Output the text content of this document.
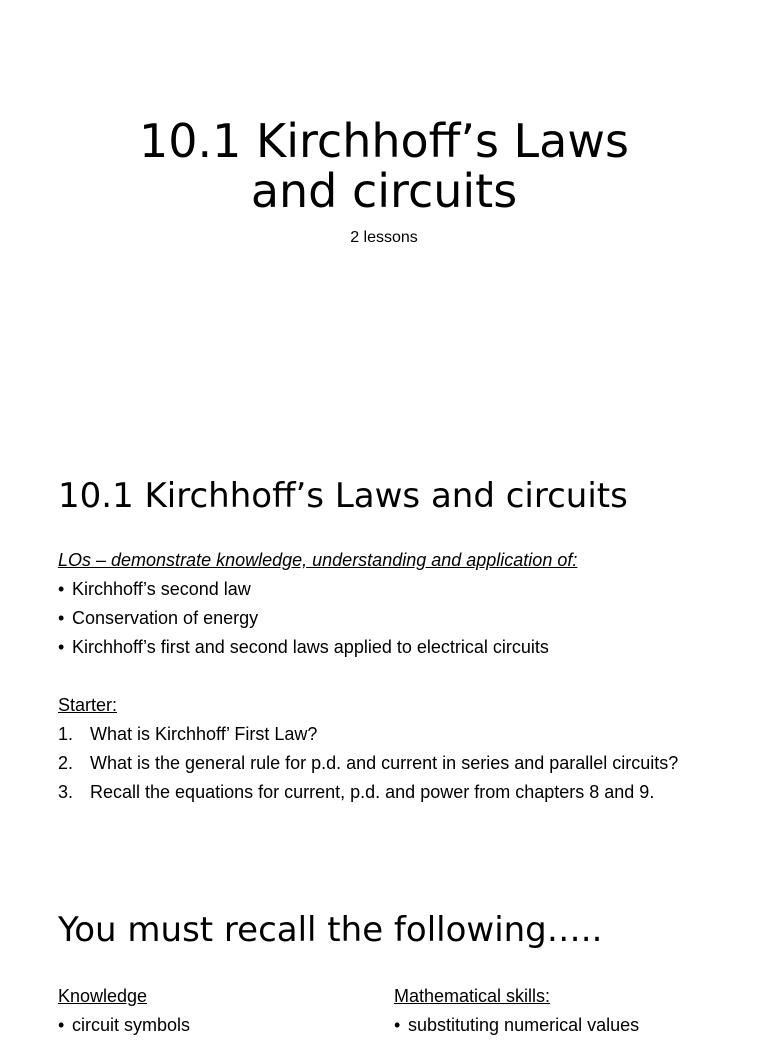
10.1 Kirchhoff’s Laws
and circuits

2 lessons

10.1 Kirchhoff’s Laws and circuits

LOs – demonstrate knowledge, understanding and application of:

• Kirchhoff’s second law
• Conservation of energy
• Kirchhoff’s first and second laws applied to electrical circuits

Starter:

1. What is Kirchhoff’ First Law?
2. What is the general rule for p.d. and current in series and parallel circuits?
3. Recall the equations for current, p.d. and power from chapters 8 and 9.
You must recall the following…..

Knowledge

• circuit symbols

Mathematical skills:

• substituting numerical values
